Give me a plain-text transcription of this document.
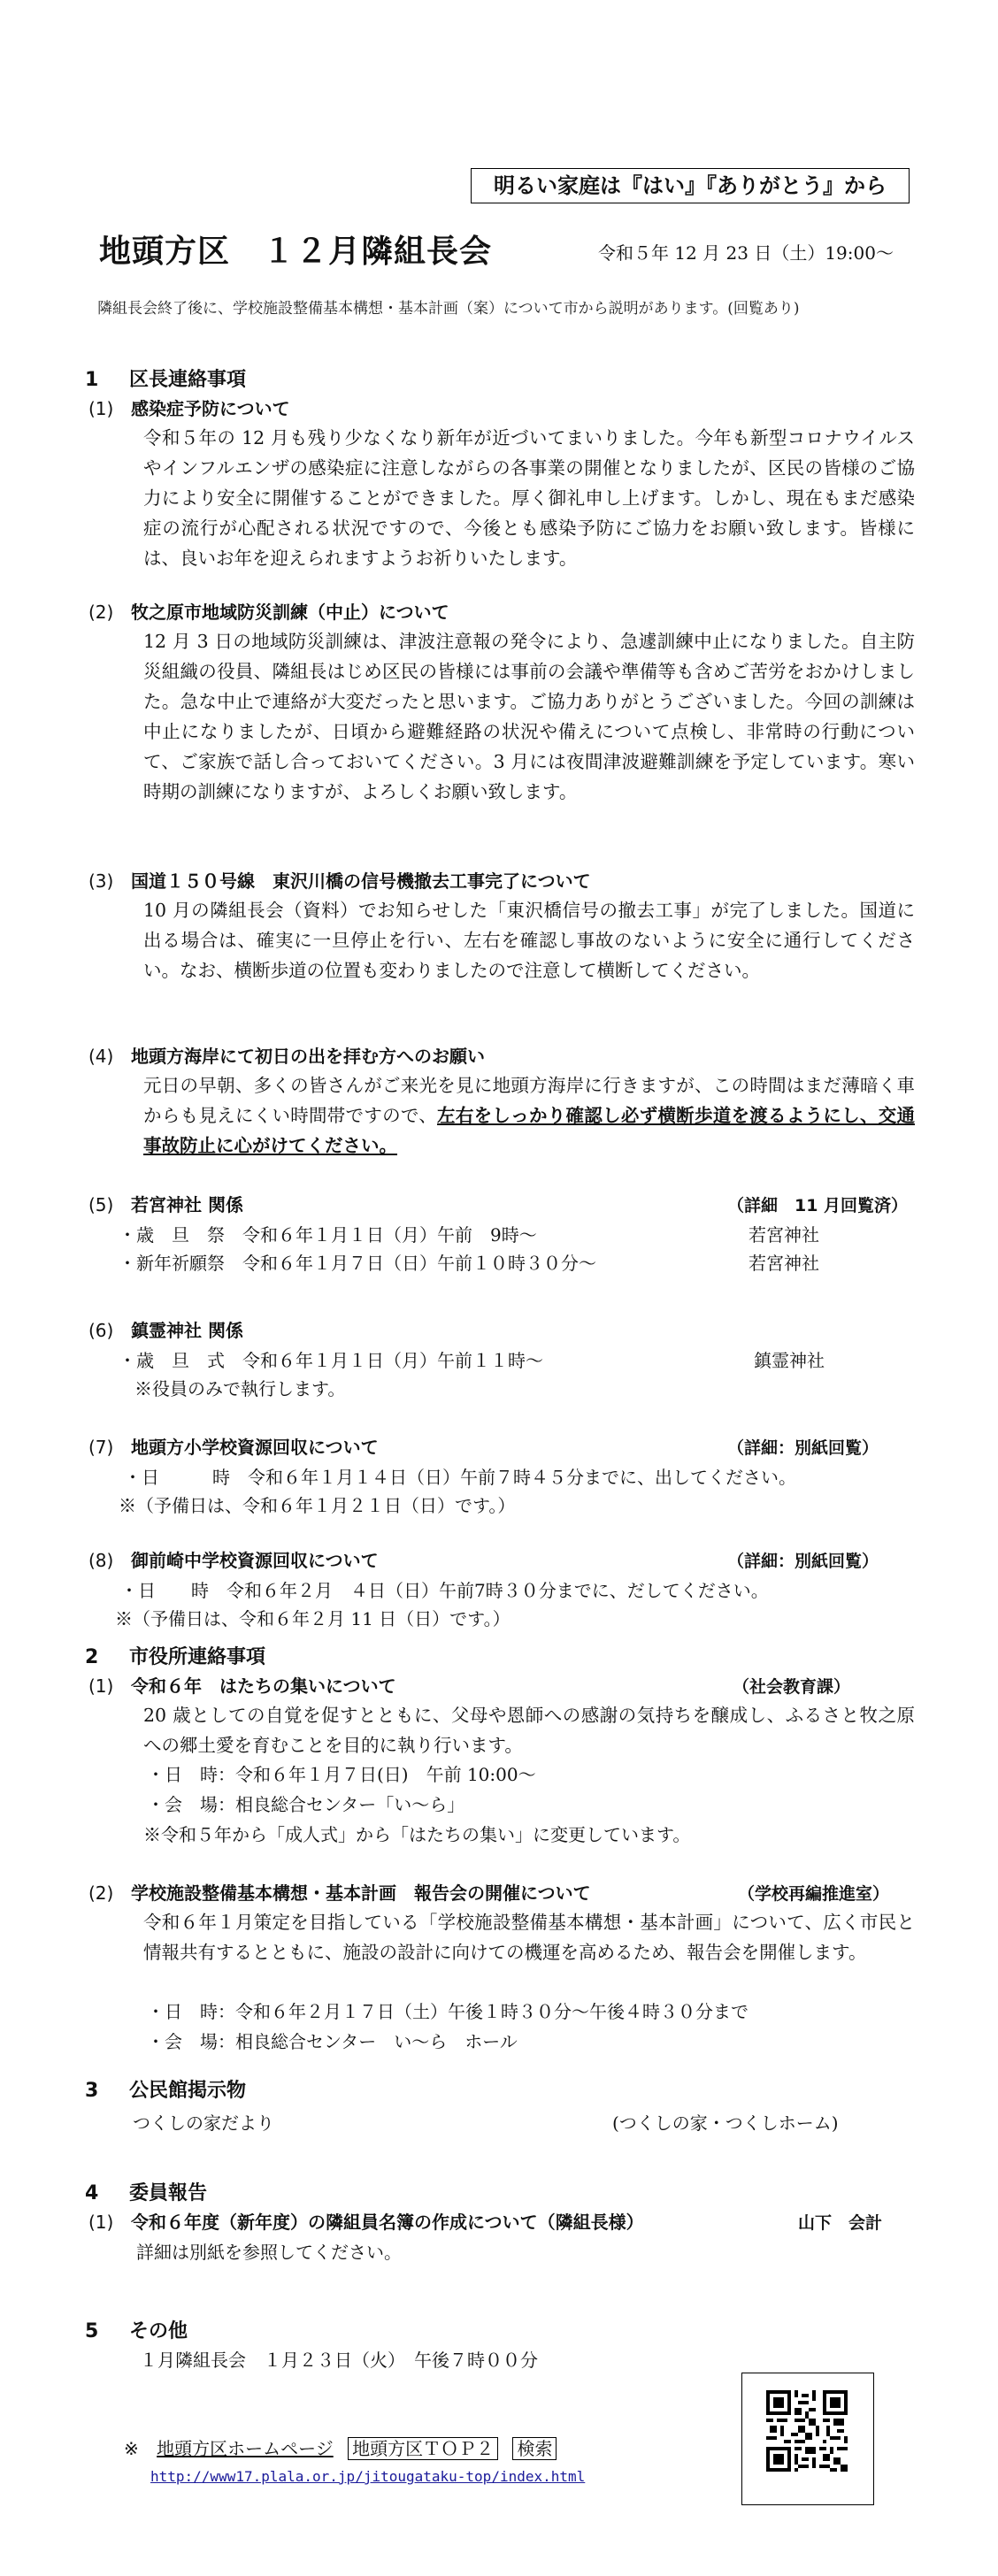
明るい家庭は『はい』『ありがとう』から
地頭方区　１２月隣組長会	令和５年 12 月 23 日（土）19:00～
隣組長会終了後に、学校施設整備基本構想・基本計画（案）について市から説明があります。(回覧あり)
1 区長連絡事項
(1) 感染症予防について
令和５年の 12 月も残り少なくなり新年が近づいてまいりました。今年も新型コロナウイルスやインフルエンザの感染症に注意しながらの各事業の開催となりましたが、区民の皆様のご協力により安全に開催することができました。厚く御礼申し上げます。しかし、現在もまだ感染症の流行が心配される状況ですので、今後とも感染予防にご協力をお願い致します。皆様には、良いお年を迎えられますようお祈りいたします。
(2) 牧之原市地域防災訓練（中止）について
12 月 3 日の地域防災訓練は、津波注意報の発令により、急遽訓練中止になりました。自主防災組織の役員、隣組長はじめ区民の皆様には事前の会議や準備等も含めご苦労をおかけしました。急な中止で連絡が大変だったと思います。ご協力ありがとうございました。今回の訓練は中止になりましたが、日頃から避難経路の状況や備えについて点検し、非常時の行動について、ご家族で話し合っておいてください。3 月には夜間津波避難訓練を予定しています。寒い時期の訓練になりますが、よろしくお願い致します。
(3) 国道１５０号線　東沢川橋の信号機撤去工事完了について
10 月の隣組長会（資料）でお知らせした「東沢橋信号の撤去工事」が完了しました。国道に出る場合は、確実に一旦停止を行い、左右を確認し事故のないように安全に通行してください。なお、横断歩道の位置も変わりましたので注意して横断してください。
(4) 地頭方海岸にて初日の出を拝む方へのお願い
元日の早朝、多くの皆さんがご来光を見に地頭方海岸に行きますが、この時間はまだ薄暗く車からも見えにくい時間帯ですので、左右をしっかり確認し必ず横断歩道を渡るようにし、交通事故防止に心がけてください。
(5) 若宮神社 関係	（詳細　11 月回覧済）
・歳　旦　祭　令和６年１月１日（月）午前　9時～	若宮神社
・新年祈願祭　令和６年１月７日（日）午前１０時３０分～	若宮神社
(6) 鎮霊神社 関係
・歳　旦　式　令和６年１月１日（月）午前１１時～	鎮霊神社
※役員のみで執行します。
(7) 地頭方小学校資源回収について	（詳細：別紙回覧）
・日　　　時　令和６年１月１４日（日）午前７時４５分までに、出してください。
※（予備日は、令和６年１月２１日（日）です。）
(8) 御前崎中学校資源回収について	（詳細：別紙回覧）
・日　　時　令和６年２月　４日（日）午前7時３０分までに、だしてください。
※（予備日は、令和６年２月 11 日（日）です。）
2 市役所連絡事項
(1) 令和６年　はたちの集いについて	（社会教育課）
20 歳としての自覚を促すとともに、父母や恩師への感謝の気持ちを醸成し、ふるさと牧之原への郷土愛を育むことを目的に執り行います。
・日　時：令和６年１月７日(日)　午前 10:00～
・会　場：相良総合センター「い～ら」
※令和５年から「成人式」から「はたちの集い」に変更しています。
(2) 学校施設整備基本構想・基本計画　報告会の開催について	（学校再編推進室）
令和６年１月策定を目指している「学校施設整備基本構想・基本計画」について、広く市民と情報共有するとともに、施設の設計に向けての機運を高めるため、報告会を開催します。
・日　時：令和６年２月１７日（土）午後１時３０分～午後４時３０分まで
・会　場：相良総合センター　い～ら　ホール
3 公民館掲示物
つくしの家だより	(つくしの家・つくしホーム)
4 委員報告
(1) 令和６年度（新年度）の隣組員名簿の作成について（隣組長様）	山下　会計
詳細は別紙を参照してください。
5 その他
１月隣組長会　１月２３日（火）　午後７時００分
※ 地頭方区ホームページ 地頭方区ＴＯＰ２ 検索
http://www17.plala.or.jp/jitougataku-top/index.html
